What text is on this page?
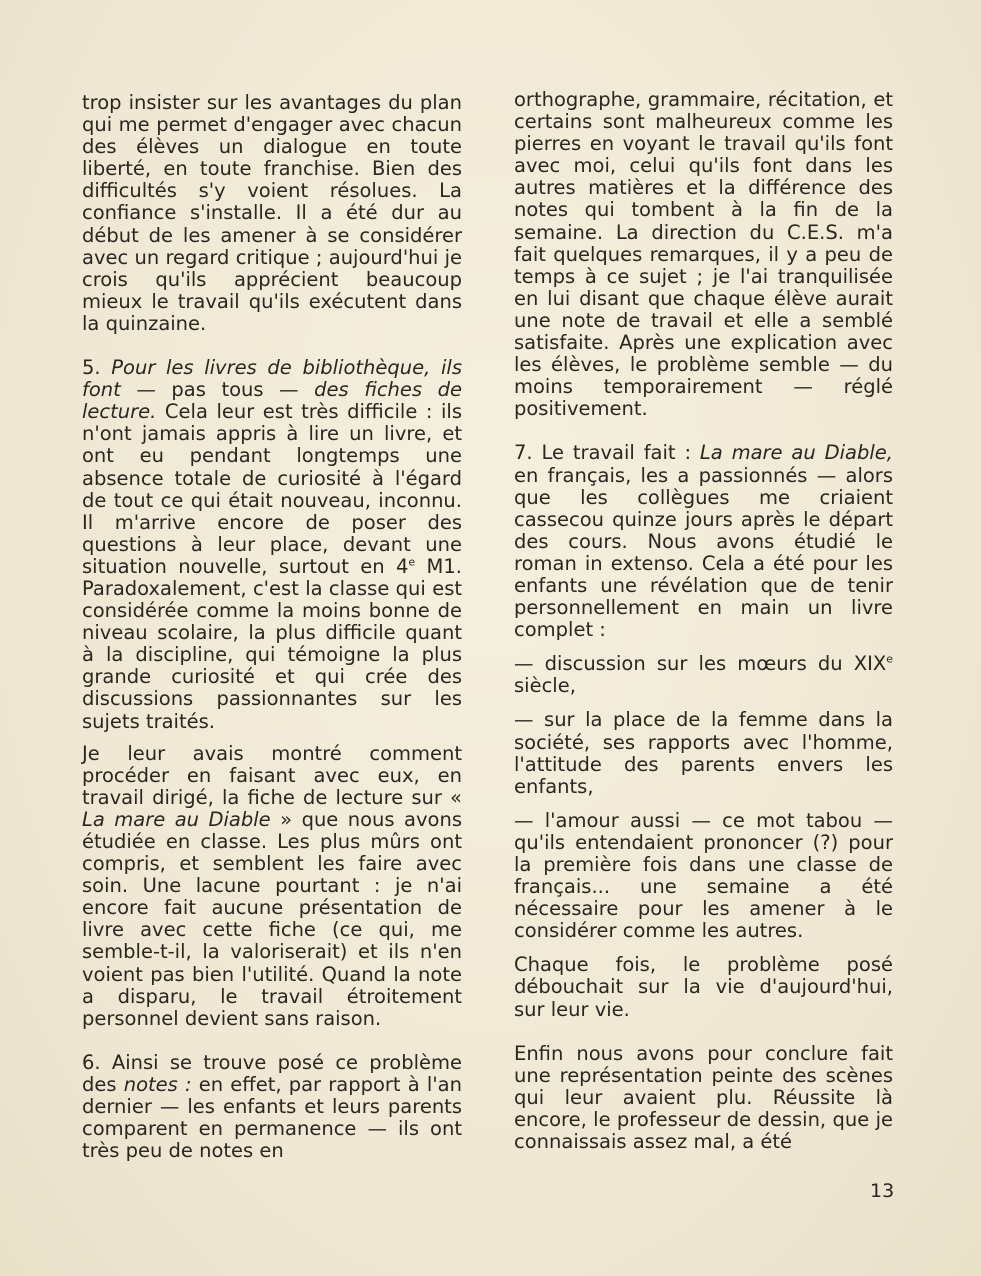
trop insister sur les avantages du plan qui me permet d'engager avec chacun des élèves un dialogue en toute liberté, en toute franchise. Bien des difficultés s'y voient résolues. La confiance s'installe. Il a été dur au début de les amener à se considérer avec un regard critique ; aujourd'hui je crois qu'ils apprécient beaucoup mieux le travail qu'ils exécutent dans la quinzaine.

5. Pour les livres de bibliothèque, ils font — pas tous — des fiches de lecture. Cela leur est très difficile : ils n'ont jamais appris à lire un livre, et ont eu pendant longtemps une absence totale de curiosité à l'égard de tout ce qui était nouveau, inconnu. Il m'arrive encore de poser des questions à leur place, devant une situation nouvelle, surtout en 4e M1. Paradoxalement, c'est la classe qui est considérée comme la moins bonne de niveau scolaire, la plus difficile quant à la discipline, qui témoigne la plus grande curiosité et qui crée des discussions passionnantes sur les sujets traités.

Je leur avais montré comment procéder en faisant avec eux, en travail dirigé, la fiche de lecture sur « La mare au Diable » que nous avons étudiée en classe. Les plus mûrs ont compris, et semblent les faire avec soin. Une lacune pourtant : je n'ai encore fait aucune présentation de livre avec cette fiche (ce qui, me semble-t-il, la valoriserait) et ils n'en voient pas bien l'utilité. Quand la note a disparu, le travail étroitement personnel devient sans raison.

6. Ainsi se trouve posé ce problème des notes : en effet, par rapport à l'an dernier — les enfants et leurs parents comparent en permanence — ils ont très peu de notes en

orthographe, grammaire, récitation, et certains sont malheureux comme les pierres en voyant le travail qu'ils font avec moi, celui qu'ils font dans les autres matières et la différence des notes qui tombent à la fin de la semaine. La direction du C.E.S. m'a fait quelques remarques, il y a peu de temps à ce sujet ; je l'ai tranquilisée en lui disant que chaque élève aurait une note de travail et elle a semblé satisfaite. Après une explication avec les élèves, le problème semble — du moins temporairement — réglé positivement.

7. Le travail fait : La mare au Diable, en français, les a passionnés — alors que les collègues me criaient cassecou quinze jours après le départ des cours. Nous avons étudié le roman in extenso. Cela a été pour les enfants une révélation que de tenir personnellement en main un livre complet :

— discussion sur les mœurs du XIXe siècle,

— sur la place de la femme dans la société, ses rapports avec l'homme, l'attitude des parents envers les enfants,

— l'amour aussi — ce mot tabou — qu'ils entendaient prononcer (?) pour la première fois dans une classe de français... une semaine a été nécessaire pour les amener à le considérer comme les autres.

Chaque fois, le problème posé débouchait sur la vie d'aujourd'hui, sur leur vie.

Enfin nous avons pour conclure fait une représentation peinte des scènes qui leur avaient plu. Réussite là encore, le professeur de dessin, que je connaissais assez mal, a été

13
